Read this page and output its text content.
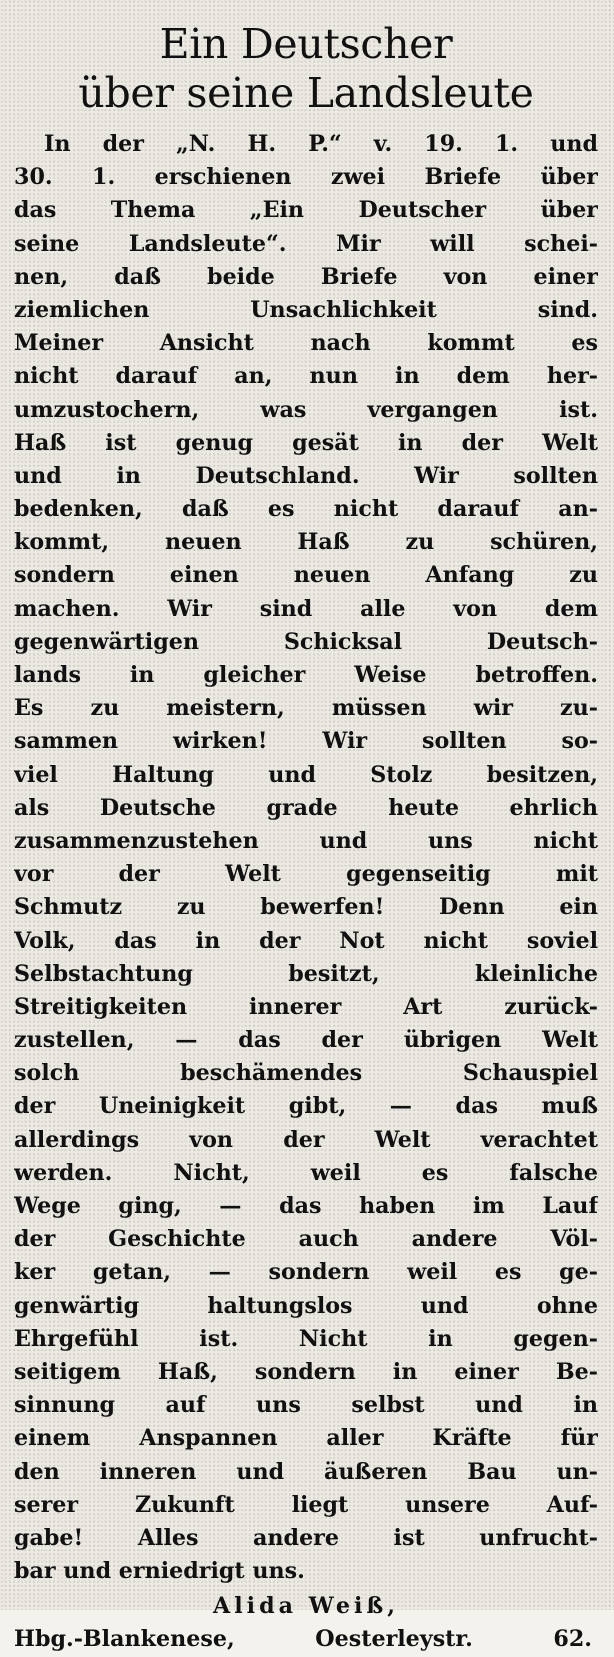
Ein Deutscher
über seine Landsleute
In der „N. H. P.“ v. 19. 1. und
30. 1. erschienen zwei Briefe über
das Thema „Ein Deutscher über
seine Landsleute“. Mir will schei-
nen, daß beide Briefe von einer
ziemlichen Unsachlichkeit sind.
Meiner Ansicht nach kommt es
nicht darauf an, nun in dem her-
umzustochern, was vergangen ist.
Haß ist genug gesät in der Welt
und in Deutschland. Wir sollten
bedenken, daß es nicht darauf an-
kommt, neuen Haß zu schüren,
sondern einen neuen Anfang zu
machen. Wir sind alle von dem
gegenwärtigen Schicksal Deutsch-
lands in gleicher Weise betroffen.
Es zu meistern, müssen wir zu-
sammen wirken! Wir sollten so-
viel Haltung und Stolz besitzen,
als Deutsche grade heute ehrlich
zusammenzustehen und uns nicht
vor der Welt gegenseitig mit
Schmutz zu bewerfen! Denn ein
Volk, das in der Not nicht soviel
Selbstachtung besitzt, kleinliche
Streitigkeiten innerer Art zurück-
zustellen, — das der übrigen Welt
solch beschämendes Schauspiel
der Uneinigkeit gibt, — das muß
allerdings von der Welt verachtet
werden. Nicht, weil es falsche
Wege ging, — das haben im Lauf
der Geschichte auch andere Völ-
ker getan, — sondern weil es ge-
genwärtig haltungslos und ohne
Ehrgefühl ist. Nicht in gegen-
seitigem Haß, sondern in einer Be-
sinnung auf uns selbst und in
einem Anspannen aller Kräfte für
den inneren und äußeren Bau un-
serer Zukunft liegt unsere Auf-
gabe! Alles andere ist unfrucht-
bar und erniedrigt uns.
Alida Weiß,
Hbg.-Blankenese, Oesterleystr. 62.
